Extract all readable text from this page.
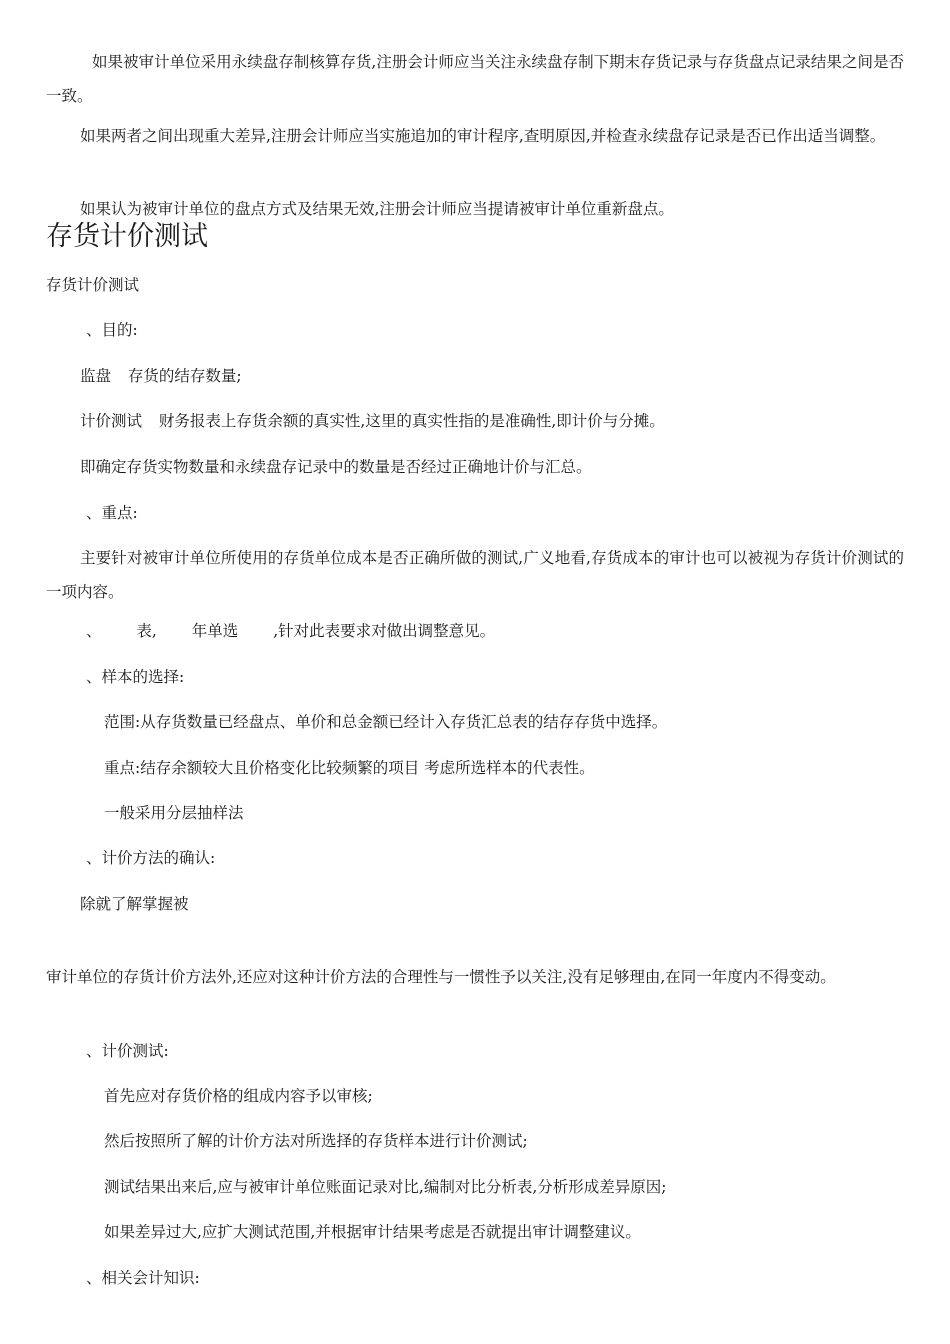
如果被审计单位采用永续盘存制核算存货,注册会计师应当关注永续盘存制下期末存货记录与存货盘点记录结果之间是否一致。
如果两者之间出现重大差异,注册会计师应当实施追加的审计程序,查明原因,并检查永续盘存记录是否已作出适当调整。
如果认为被审计单位的盘点方式及结果无效,注册会计师应当提请被审计单位重新盘点。
存货计价测试
存货计价测试
、目的:
监盘 存货的结存数量;
计价测试 财务报表上存货余额的真实性,这里的真实性指的是准确性,即计价与分摊。
即确定存货实物数量和永续盘存记录中的数量是否经过正确地计价与汇总。
、重点:
主要针对被审计单位所使用的存货单位成本是否正确所做的测试,广义地看,存货成本的审计也可以被视为存货计价测试的一项内容。
、 表, 年单选 ,针对此表要求对做出调整意见。
、样本的选择:
范围:从存货数量已经盘点、单价和总金额已经计入存货汇总表的结存存货中选择。
重点:结存余额较大且价格变化比较频繁的项目 考虑所选样本的代表性。
一般采用分层抽样法
、计价方法的确认:
除就了解掌握被
审计单位的存货计价方法外,还应对这种计价方法的合理性与一惯性予以关注,没有足够理由,在同一年度内不得变动。
、计价测试:
首先应对存货价格的组成内容予以审核;
然后按照所了解的计价方法对所选择的存货样本进行计价测试;
测试结果出来后,应与被审计单位账面记录对比,编制对比分析表,分析形成差异原因;
如果差异过大,应扩大测试范围,并根据审计结果考虑是否就提出审计调整建议。
、相关会计知识:
